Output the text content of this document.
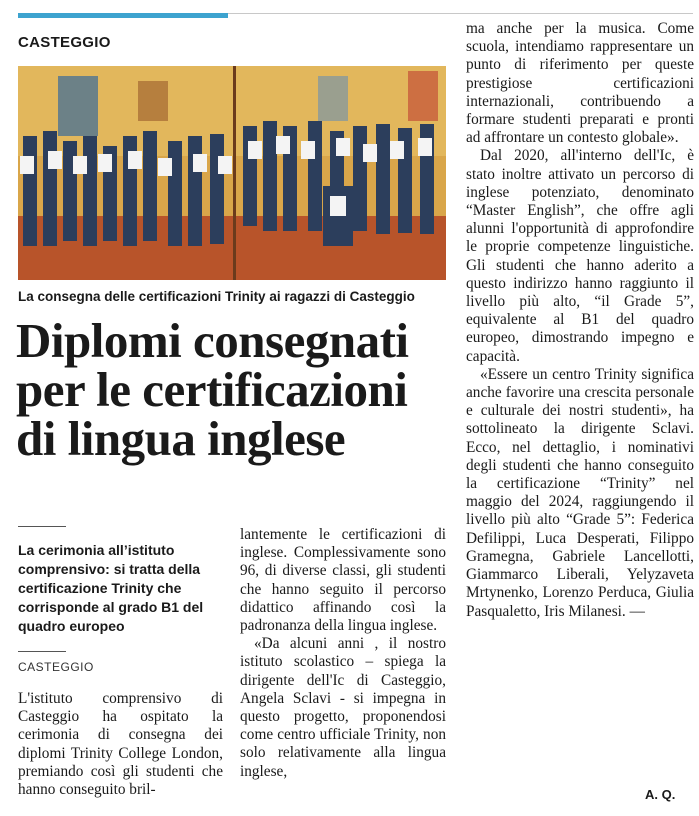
CASTEGGIO
La consegna delle certificazioni Trinity ai ragazzi di Casteggio
Diplomi consegnati per le certificazioni di lingua inglese
La cerimonia all’istituto comprensivo: si tratta della certificazione Trinity che corrisponde al grado B1 del quadro europeo
CASTEGGIO

L'istituto comprensivo di Casteggio ha ospitato la cerimonia di consegna dei diplomi Trinity College London, premiando così gli studenti che hanno conseguito bril-

lantemente le certificazioni di inglese. Complessivamente sono 96, di diverse classi, gli studenti che hanno seguito il percorso didattico affinando così la padronanza della lingua inglese.

«Da alcuni anni , il nostro istituto scolastico – spiega la dirigente dell'Ic di Casteggio, Angela Sclavi - si impegna in questo progetto, proponendosi come centro ufficiale Trinity, non solo relativamente alla lingua inglese,

ma anche per la musica. Come scuola, intendiamo rappresentare un punto di riferimento per queste prestigiose certificazioni internazionali, contribuendo a formare studenti preparati e pronti ad affrontare un contesto globale».

Dal 2020, all'interno dell'Ic, è stato inoltre attivato un percorso di inglese potenziato, denominato “Master English”, che offre agli alunni l'opportunità di approfondire le proprie competenze linguistiche. Gli studenti che hanno aderito a questo indirizzo hanno raggiunto il livello più alto, “il Grade 5”, equivalente al B1 del quadro europeo, dimostrando impegno e capacità.

«Essere un centro Trinity significa anche favorire una crescita personale e culturale dei nostri studenti», ha sottolineato la dirigente Sclavi. Ecco, nel dettaglio, i nominativi degli studenti che hanno conseguito la certificazione “Trinity” nel maggio del 2024, raggiungendo il livello più alto “Grade 5”: Federica Defilippi, Luca Desperati, Filippo Gramegna, Gabriele Lancellotti, Giammarco Liberali, Yelyzaveta Mrtynenko, Lorenzo Perduca, Giulia Pasqualetto, Iris Milanesi. —

A. Q.
